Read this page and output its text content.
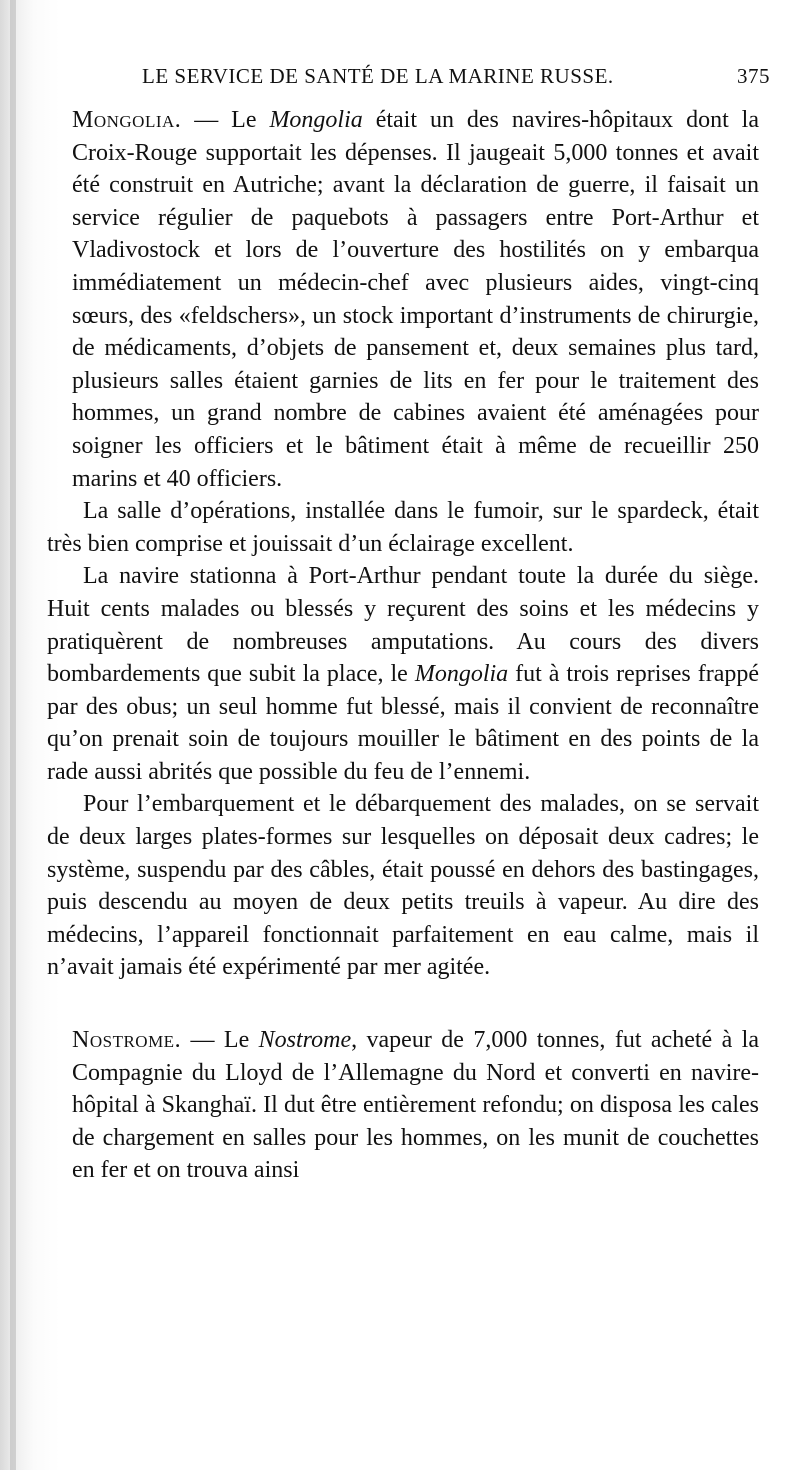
LE SERVICE DE SANTÉ DE LA MARINE RUSSE.	375

Mongolia. — Le Mongolia était un des navires-hôpitaux dont la Croix-Rouge supportait les dépenses. Il jaugeait 5,000 tonnes et avait été construit en Autriche; avant la déclaration de guerre, il faisait un service régulier de paquebots à passagers entre Port-Arthur et Vladivostock et lors de l’ouverture des hostilités on y embarqua immédiatement un médecin-chef avec plusieurs aides, vingt-cinq sœurs, des «feldschers», un stock important d’instruments de chirurgie, de médicaments, d’objets de pansement et, deux semaines plus tard, plusieurs salles étaient garnies de lits en fer pour le traitement des hommes, un grand nombre de cabines avaient été aménagées pour soigner les officiers et le bâtiment était à même de recueillir 250 marins et 40 officiers.

La salle d’opérations, installée dans le fumoir, sur le spardeck, était très bien comprise et jouissait d’un éclairage excellent.

La navire stationna à Port-Arthur pendant toute la durée du siège. Huit cents malades ou blessés y reçurent des soins et les médecins y pratiquèrent de nombreuses amputations. Au cours des divers bombardements que subit la place, le Mongolia fut à trois reprises frappé par des obus; un seul homme fut blessé, mais il convient de reconnaître qu’on prenait soin de toujours mouiller le bâtiment en des points de la rade aussi abrités que possible du feu de l’ennemi.

Pour l’embarquement et le débarquement des malades, on se servait de deux larges plates-formes sur lesquelles on déposait deux cadres; le système, suspendu par des câbles, était poussé en dehors des bastingages, puis descendu au moyen de deux petits treuils à vapeur. Au dire des médecins, l’appareil fonctionnait parfaitement en eau calme, mais il n’avait jamais été expérimenté par mer agitée.

Nostrome. — Le Nostrome, vapeur de 7,000 tonnes, fut acheté à la Compagnie du Lloyd de l’Allemagne du Nord et converti en navire-hôpital à Skanghaï. Il dut être entièrement refondu; on disposa les cales de chargement en salles pour les hommes, on les munit de couchettes en fer et on trouva ainsi
